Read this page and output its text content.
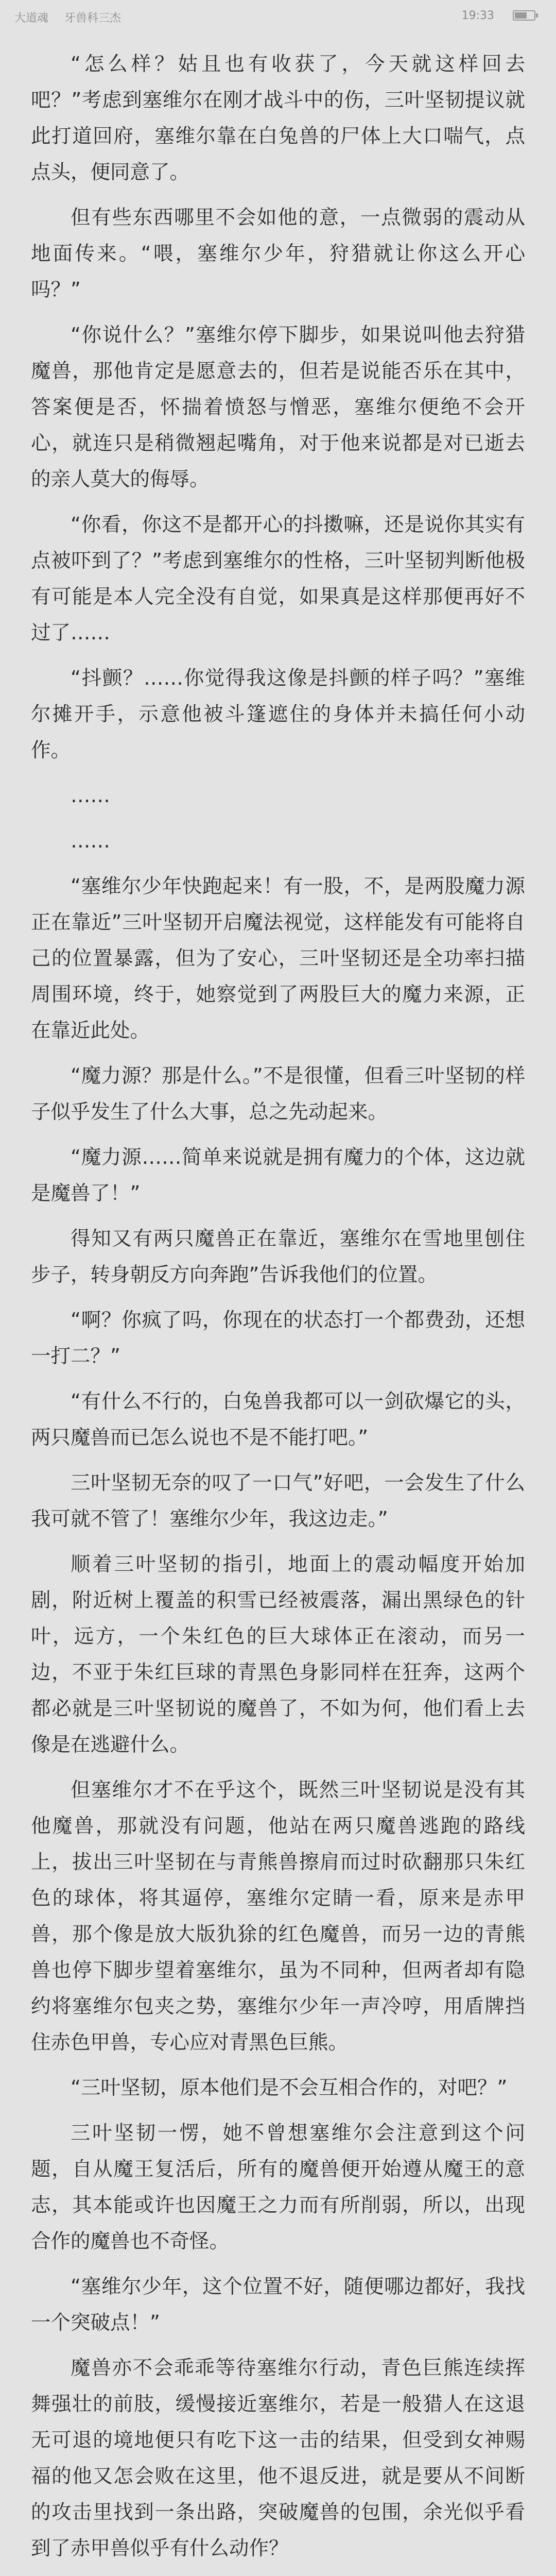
大道魂 牙兽科三杰	19:33

“怎么样？姑且也有收获了，今天就这样回去吧？”考虑到塞维尔在刚才战斗中的伤，三叶坚韧提议就此打道回府，塞维尔靠在白兔兽的尸体上大口喘气，点点头，便同意了。

但有些东西哪里不会如他的意，一点微弱的震动从地面传来。“喂，塞维尔少年，狩猎就让你这么开心吗？”

“你说什么？”塞维尔停下脚步，如果说叫他去狩猎魔兽，那他肯定是愿意去的，但若是说能否乐在其中，答案便是否，怀揣着愤怒与憎恶，塞维尔便绝不会开心，就连只是稍微翘起嘴角，对于他来说都是对已逝去的亲人莫大的侮辱。

“你看，你这不是都开心的抖擞嘛，还是说你其实有点被吓到了？”考虑到塞维尔的性格，三叶坚韧判断他极有可能是本人完全没有自觉，如果真是这样那便再好不过了……

“抖颤？……你觉得我这像是抖颤的样子吗？”塞维尔摊开手，示意他被斗篷遮住的身体并未搞任何小动作。

……

……

“塞维尔少年快跑起来！有一股，不，是两股魔力源正在靠近”三叶坚韧开启魔法视觉，这样能发有可能将自己的位置暴露，但为了安心，三叶坚韧还是全功率扫描周围环境，终于，她察觉到了两股巨大的魔力来源，正在靠近此处。

“魔力源？那是什么。”不是很懂，但看三叶坚韧的样子似乎发生了什么大事，总之先动起来。

“魔力源……简单来说就是拥有魔力的个体，这边就是魔兽了！”

得知又有两只魔兽正在靠近，塞维尔在雪地里刨住步子，转身朝反方向奔跑”告诉我他们的位置。

“啊？你疯了吗，你现在的状态打一个都费劲，还想一打二？”

“有什么不行的，白兔兽我都可以一剑砍爆它的头，两只魔兽而已怎么说也不是不能打吧。”

三叶坚韧无奈的叹了一口气”好吧，一会发生了什么我可就不管了！塞维尔少年，我这边走。”

顺着三叶坚韧的指引，地面上的震动幅度开始加剧，附近树上覆盖的积雪已经被震落，漏出黑绿色的针叶，远方，一个朱红色的巨大球体正在滚动，而另一边，不亚于朱红巨球的青黑色身影同样在狂奔，这两个都必就是三叶坚韧说的魔兽了，不如为何，他们看上去像是在逃避什么。

但塞维尔才不在乎这个，既然三叶坚韧说是没有其他魔兽，那就没有问题，他站在两只魔兽逃跑的路线上，拔出三叶坚韧在与青熊兽擦肩而过时砍翻那只朱红色的球体，将其逼停，塞维尔定睛一看，原来是赤甲兽，那个像是放大版犰狳的红色魔兽，而另一边的青熊兽也停下脚步望着塞维尔，虽为不同种，但两者却有隐约将塞维尔包夹之势，塞维尔少年一声冷哼，用盾牌挡住赤色甲兽，专心应对青黑色巨熊。

“三叶坚韧，原本他们是不会互相合作的，对吧？”

三叶坚韧一愣，她不曾想塞维尔会注意到这个问题，自从魔王复活后，所有的魔兽便开始遵从魔王的意志，其本能或许也因魔王之力而有所削弱，所以，出现合作的魔兽也不奇怪。

“塞维尔少年，这个位置不好，随便哪边都好，我找一个突破点！”

魔兽亦不会乖乖等待塞维尔行动，青色巨熊连续挥舞强壮的前肢，缓慢接近塞维尔，若是一般猎人在这退无可退的境地便只有吃下这一击的结果，但受到女神赐福的他又怎会败在这里，他不退反进，就是要从不间断的攻击里找到一条出路，突破魔兽的包围，余光似乎看到了赤甲兽似乎有什么动作？
